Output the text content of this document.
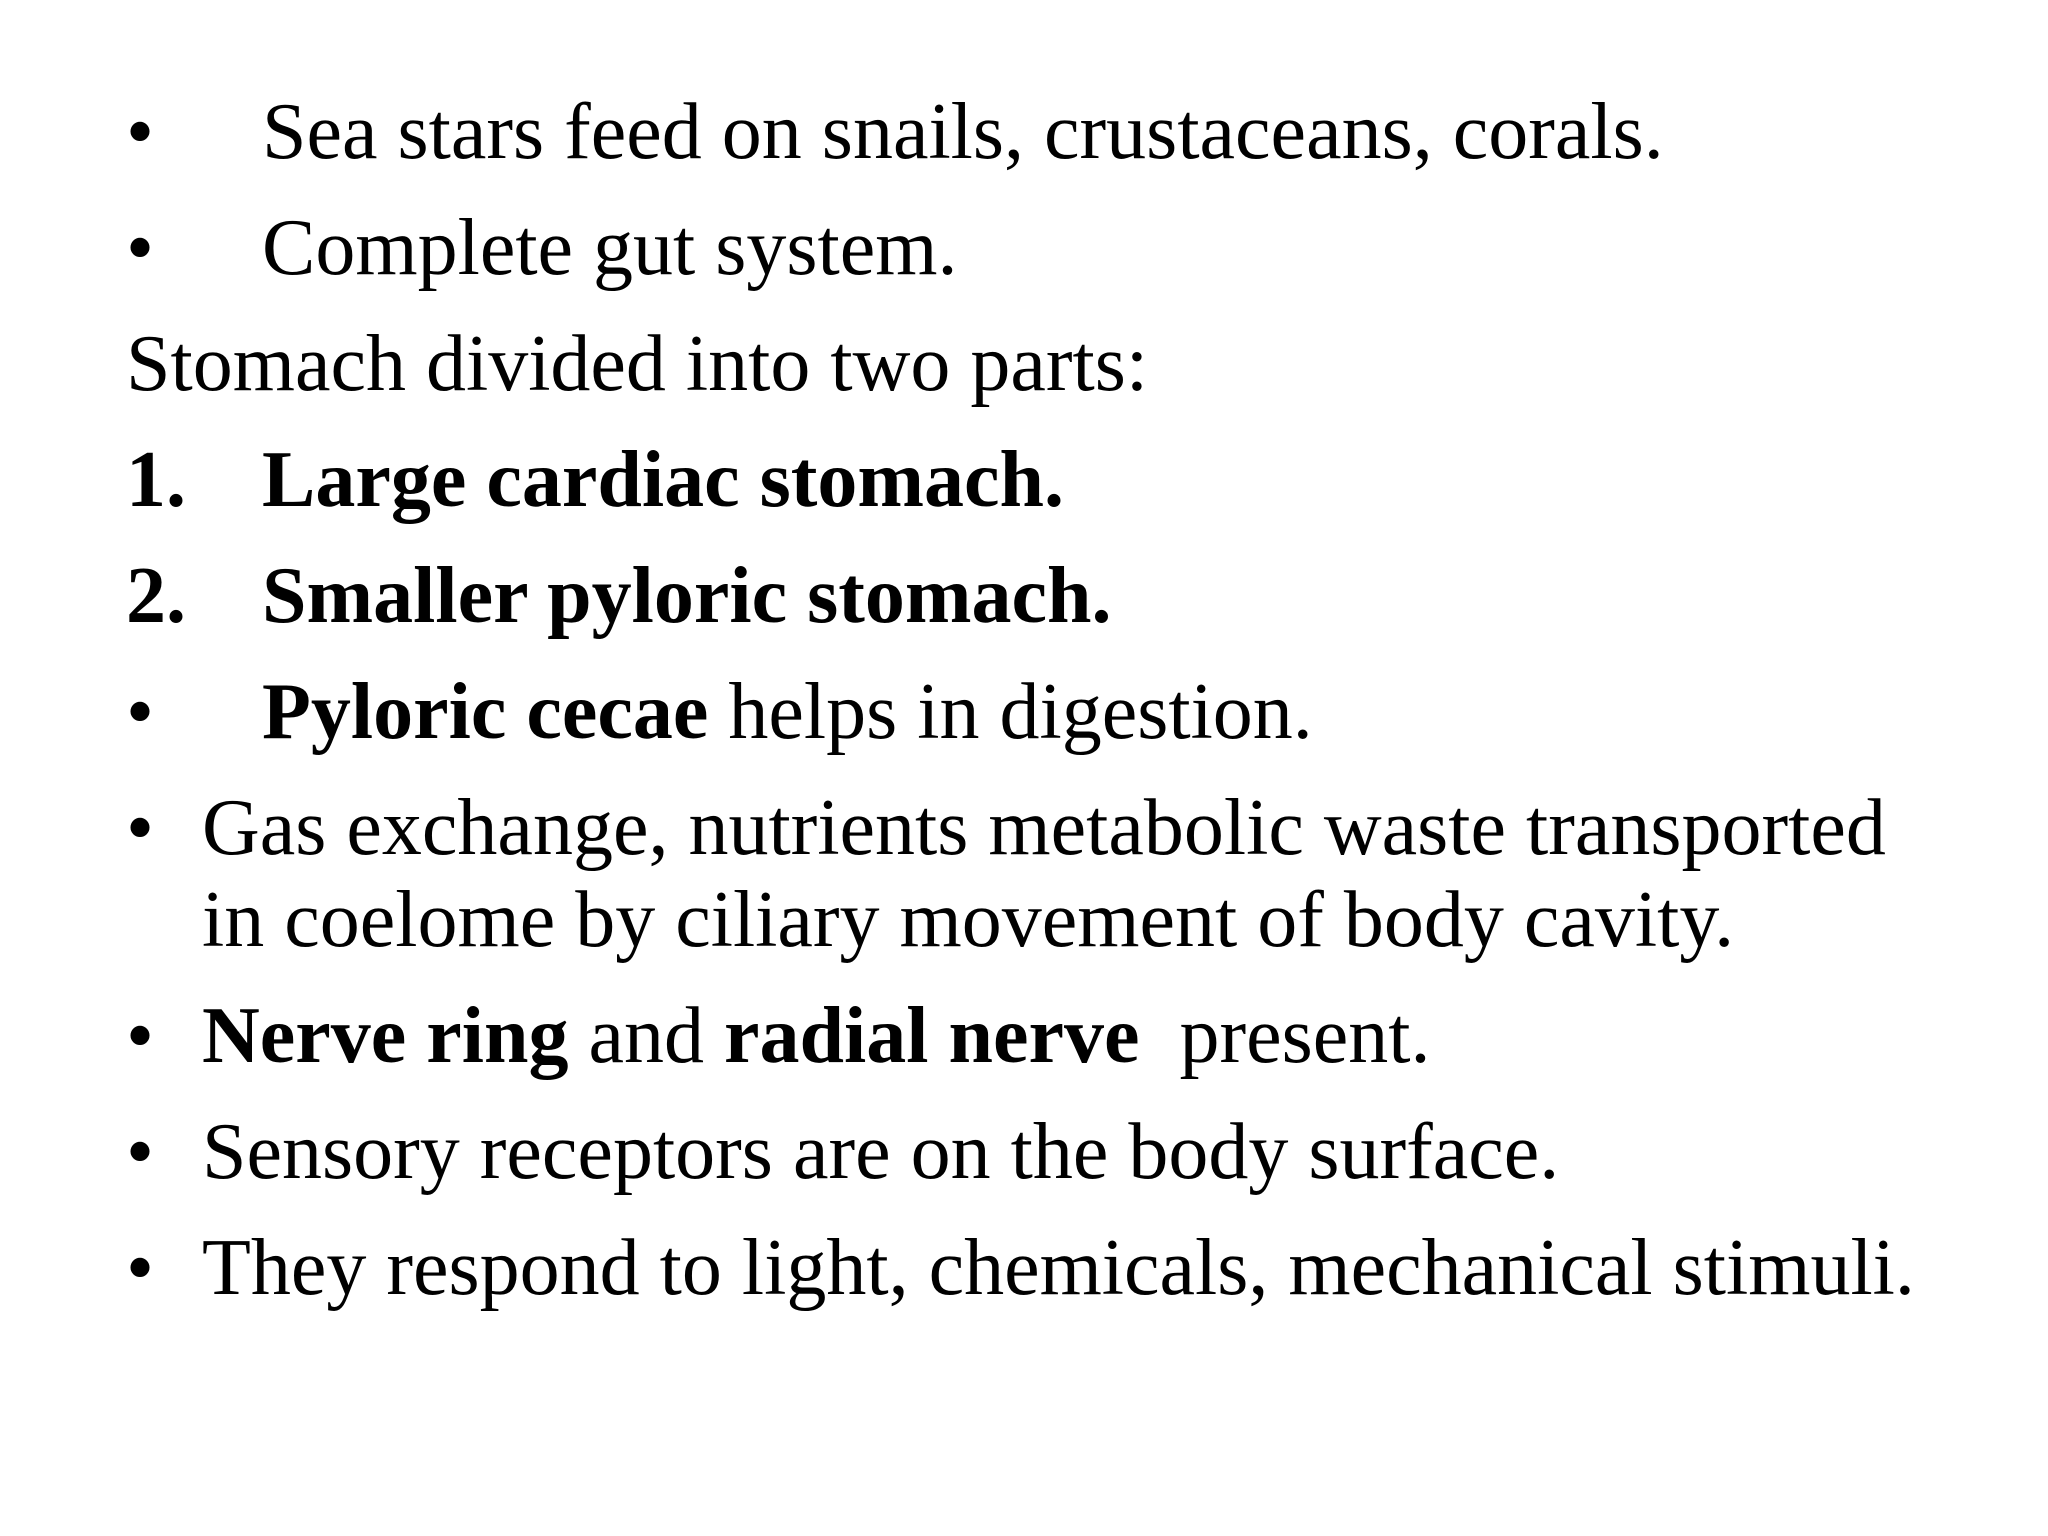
• Sea stars feed on snails, crustaceans, corals.
• Complete gut system.
Stomach divided into two parts:
1. Large cardiac stomach.
2. Smaller pyloric stomach.
• Pyloric cecae helps in digestion.
• Gas exchange, nutrients metabolic waste transported
in coelome by ciliary movement of body cavity.
• Nerve ring and radial nerve  present.
• Sensory receptors are on the body surface.
• They respond to light, chemicals, mechanical stimuli.
